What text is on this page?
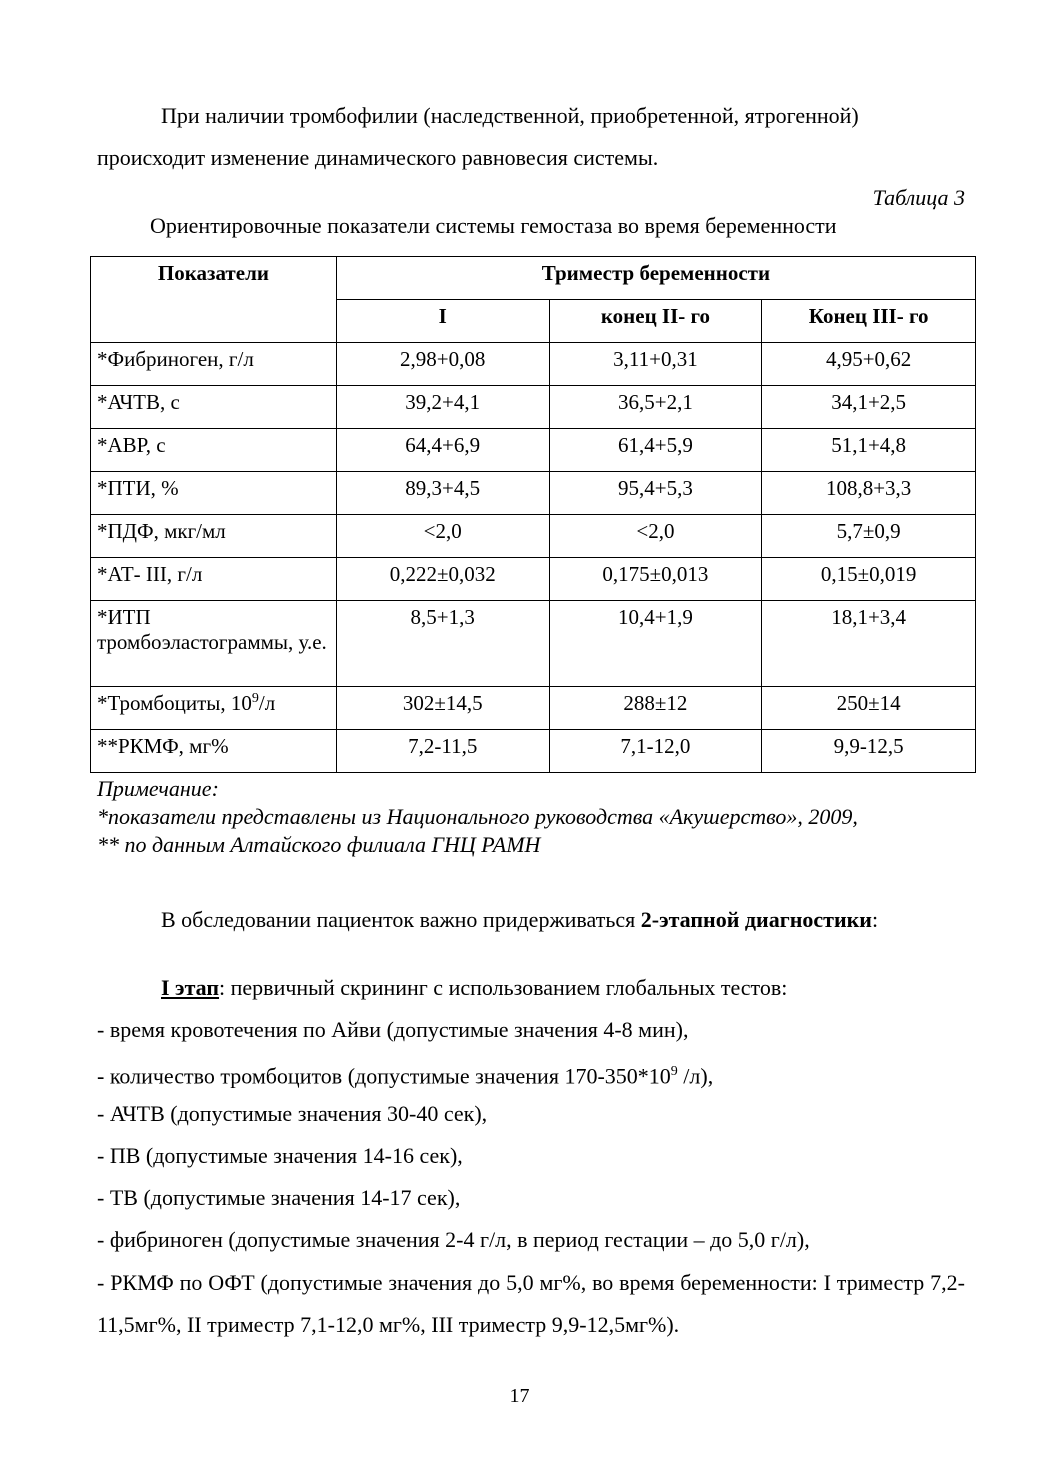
При наличии тромбофилии (наследственной, приобретенной, ятрогенной)
происходит изменение динамического равновесия системы.
Таблица 3
Ориентировочные показатели системы гемостаза во время беременности
Показатели	Триместр беременности		
	I	конец II- го	Конец III- го
*Фибриноген, г/л	2,98+0,08	3,11+0,31	4,95+0,62
*АЧТВ, с	39,2+4,1	36,5+2,1	34,1+2,5
*АВР, с	64,4+6,9	61,4+5,9	51,1+4,8
*ПТИ, %	89,3+4,5	95,4+5,3	108,8+3,3
*ПДФ, мкг/мл	<2,0	<2,0	5,7±0,9
*АТ- III, г/л	0,222±0,032	0,175±0,013	0,15±0,019
*ИТП тромбоэластограммы, у.е.	8,5+1,3	10,4+1,9	18,1+3,4
*Тромбоциты, $10^9/л$	302±14,5	288±12	250±14
**РКМФ, мг%	7,2-11,5	7,1-12,0	9,9-12,5
Примечание:
*показатели представлены из Национального руководства «Акушерство», 2009,
** по данным Алтайского филиала ГНЦ РАМН
В обследовании пациенток важно придерживаться 2-этапной диагностики:
I этап: первичный скрининг с использованием глобальных тестов:
- время кровотечения по Айви (допустимые значения 4-8 мин),
- количество тромбоцитов (допустимые значения $170-350*10^9$ /л),
- АЧТВ (допустимые значения 30-40 сек),
- ПВ (допустимые значения 14-16 сек),
- ТВ (допустимые значения 14-17 сек),
- фибриноген (допустимые значения 2-4 г/л, в период гестации – до 5,0 г/л),
- РКМФ по ОФТ (допустимые значения до 5,0 мг%, во время беременности: I триместр 7,2-11,5мг%, II триместр 7,1-12,0 мг%, III триместр 9,9-12,5мг%).
17
